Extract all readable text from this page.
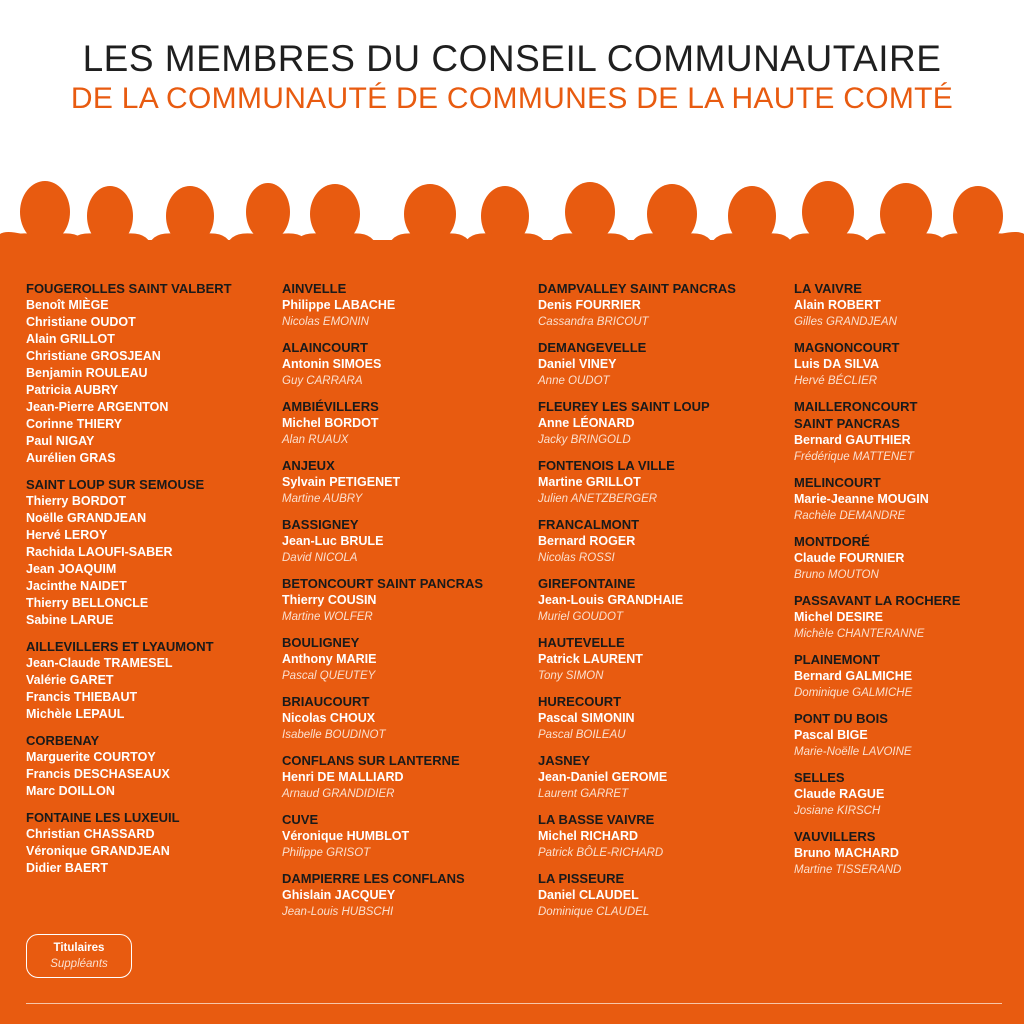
LES MEMBRES DU CONSEIL COMMUNAUTAIRE
DE LA COMMUNAUTÉ DE COMMUNES DE LA HAUTE COMTÉ
FOUGEROLLES SAINT VALBERT
Benoît MIÈGE
Christiane OUDOT
Alain GRILLOT
Christiane GROSJEAN
Benjamin ROULEAU
Patricia AUBRY
Jean-Pierre ARGENTON
Corinne THIERY
Paul NIGAY
Aurélien GRAS
SAINT LOUP SUR SEMOUSE
Thierry BORDOT
Noëlle GRANDJEAN
Hervé LEROY
Rachida LAOUFI-SABER
Jean JOAQUIM
Jacinthe NAIDET
Thierry BELLONCLE
Sabine LARUE
AILLEVILLERS ET LYAUMONT
Jean-Claude TRAMESEL
Valérie GARET
Francis THIEBAUT
Michèle LEPAUL
CORBENAY
Marguerite COURTOY
Francis DESCHASEAUX
Marc DOILLON
FONTAINE LES LUXEUIL
Christian CHASSARD
Véronique GRANDJEAN
Didier BAERT
AINVELLE
Philippe LABACHE
Nicolas EMONIN
ALAINCOURT
Antonin SIMOES
Guy CARRARA
AMBIÉVILLERS
Michel BORDOT
Alan RUAUX
ANJEUX
Sylvain PETIGENET
Martine AUBRY
BASSIGNEY
Jean-Luc BRULE
David NICOLA
BETONCOURT SAINT PANCRAS
Thierry COUSIN
Martine WOLFER
BOULIGNEY
Anthony MARIE
Pascal QUEUTEY
BRIAUCOURT
Nicolas CHOUX
Isabelle BOUDINOT
CONFLANS SUR LANTERNE
Henri DE MALLIARD
Arnaud GRANDIDIER
CUVE
Véronique HUMBLOT
Philippe GRISOT
DAMPIERRE LES CONFLANS
Ghislain JACQUEY
Jean-Louis HUBSCHI
DAMPVALLEY SAINT PANCRAS
Denis FOURRIER
Cassandra BRICOUT
DEMANGEVELLE
Daniel VINEY
Anne OUDOT
FLEUREY LES SAINT LOUP
Anne LÉONARD
Jacky BRINGOLD
FONTENOIS LA VILLE
Martine GRILLOT
Julien ANETZBERGER
FRANCALMONT
Bernard ROGER
Nicolas ROSSI
GIREFONTAINE
Jean-Louis GRANDHAIE
Muriel GOUDOT
HAUTEVELLE
Patrick LAURENT
Tony SIMON
HURECOURT
Pascal SIMONIN
Pascal BOILEAU
JASNEY
Jean-Daniel GEROME
Laurent GARRET
LA BASSE VAIVRE
Michel RICHARD
Patrick BÔLE-RICHARD
LA PISSEURE
Daniel CLAUDEL
Dominique CLAUDEL
LA VAIVRE
Alain ROBERT
Gilles GRANDJEAN
MAGNONCOURT
Luis DA SILVA
Hervé BÉCLIER
MAILLERONCOURT
SAINT PANCRAS
Bernard GAUTHIER
Frédérique MATTENET
MELINCOURT
Marie-Jeanne MOUGIN
Rachèle DEMANDRE
MONTDORÉ
Claude FOURNIER
Bruno MOUTON
PASSAVANT LA ROCHERE
Michel DESIRE
Michèle CHANTERANNE
PLAINEMONT
Bernard GALMICHE
Dominique GALMICHE
PONT DU BOIS
Pascal BIGE
Marie-Noëlle LAVOINE
SELLES
Claude RAGUE
Josiane KIRSCH
VAUVILLERS
Bruno MACHARD
Martine TISSERAND
Titulaires
Suppléants
